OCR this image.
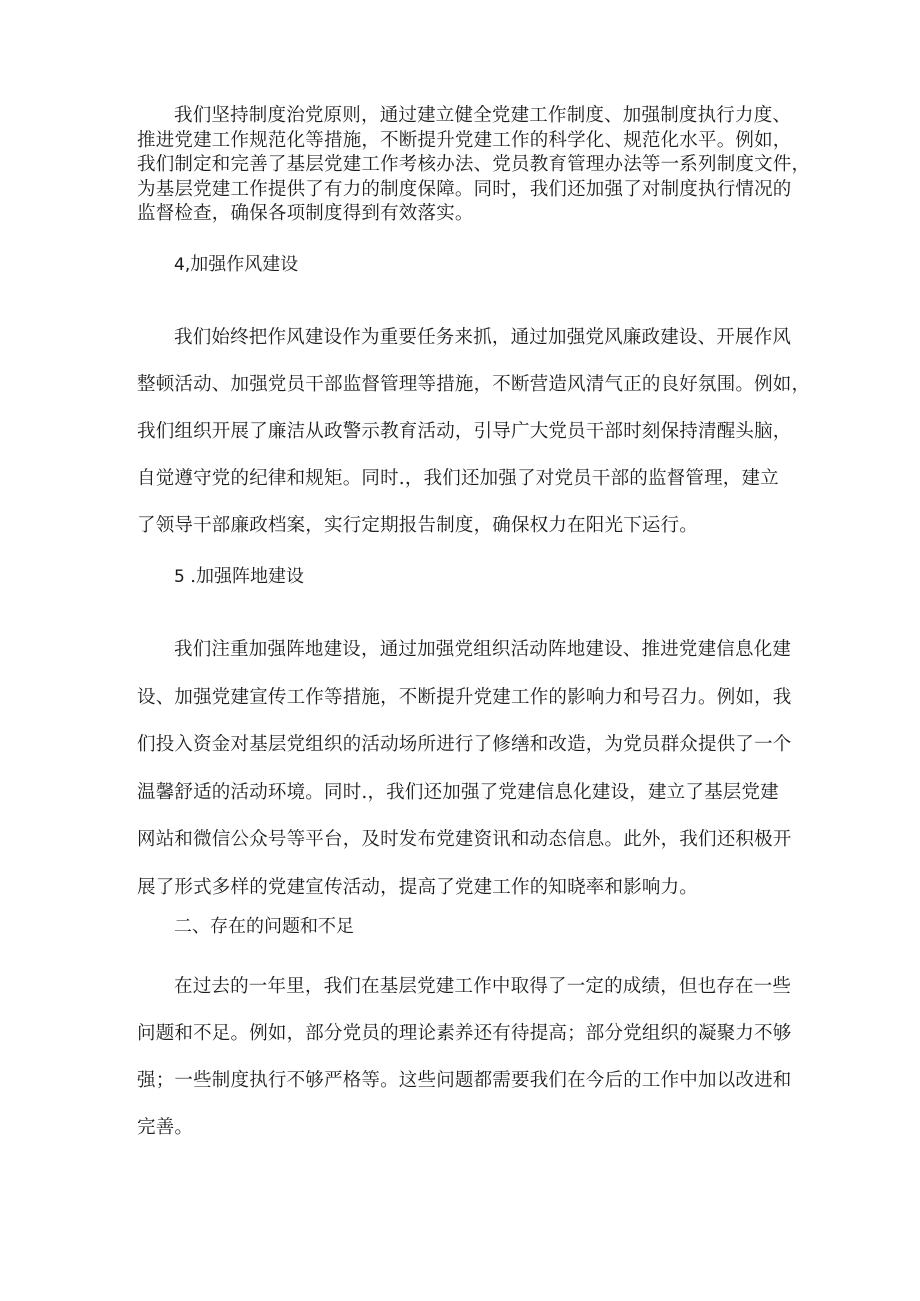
我们坚持制度治党原则，通过建立健全党建工作制度、加强制度执行力度、
推进党建工作规范化等措施，不断提升党建工作的科学化、规范化水平。例如，
我们制定和完善了基层党建工作考核办法、党员教育管理办法等一系列制度文件，
为基层党建工作提供了有力的制度保障。同时，我们还加强了对制度执行情况的
监督检查，确保各项制度得到有效落实。
4,加强作风建设
我们始终把作风建设作为重要任务来抓，通过加强党风廉政建设、开展作风
整顿活动、加强党员干部监督管理等措施，不断营造风清气正的良好氛围。例如，
我们组织开展了廉洁从政警示教育活动，引导广大党员干部时刻保持清醒头脑，
自觉遵守党的纪律和规矩。同时.，我们还加强了对党员干部的监督管理，建立
了领导干部廉政档案，实行定期报告制度，确保权力在阳光下运行。
5 .加强阵地建设
我们注重加强阵地建设，通过加强党组织活动阵地建设、推进党建信息化建
设、加强党建宣传工作等措施，不断提升党建工作的影响力和号召力。例如，我
们投入资金对基层党组织的活动场所进行了修缮和改造，为党员群众提供了一个
温馨舒适的活动环境。同时.，我们还加强了党建信息化建设，建立了基层党建
网站和微信公众号等平台，及时发布党建资讯和动态信息。此外，我们还积极开
展了形式多样的党建宣传活动，提高了党建工作的知晓率和影响力。
二、存在的问题和不足
在过去的一年里，我们在基层党建工作中取得了一定的成绩，但也存在一些
问题和不足。例如，部分党员的理论素养还有待提高；部分党组织的凝聚力不够
强；一些制度执行不够严格等。这些问题都需要我们在今后的工作中加以改进和
完善。
